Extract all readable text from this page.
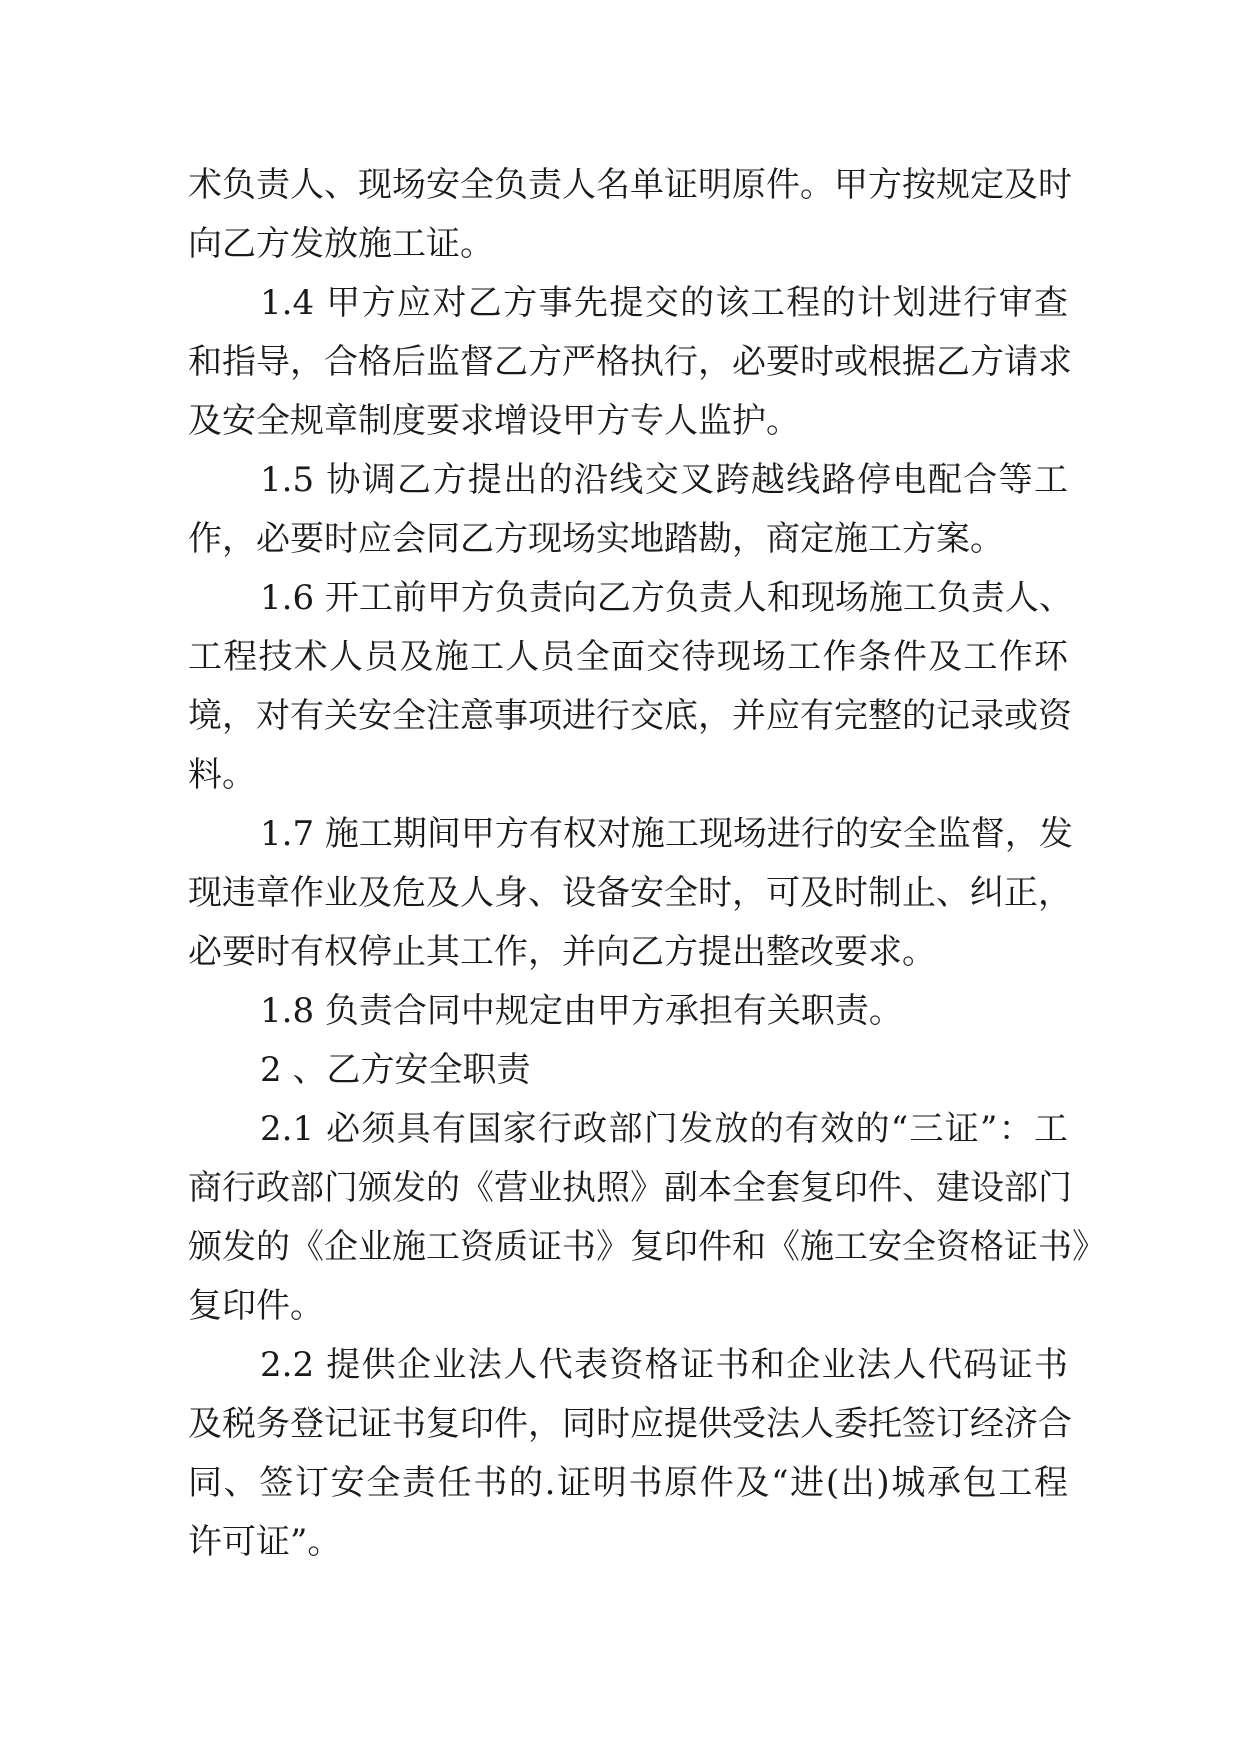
术负责人、现场安全负责人名单证明原件。甲方按规定及时
向乙方发放施工证。
1.4 甲方应对乙方事先提交的该工程的计划进行审查
和指导，合格后监督乙方严格执行，必要时或根据乙方请求
及安全规章制度要求增设甲方专人监护。
1.5 协调乙方提出的沿线交叉跨越线路停电配合等工
作，必要时应会同乙方现场实地踏勘，商定施工方案。
1.6 开工前甲方负责向乙方负责人和现场施工负责人、
工程技术人员及施工人员全面交待现场工作条件及工作环
境，对有关安全注意事项进行交底，并应有完整的记录或资
料。
1.7 施工期间甲方有权对施工现场进行的安全监督，发
现违章作业及危及人身、设备安全时，可及时制止、纠正，
必要时有权停止其工作，并向乙方提出整改要求。
1.8 负责合同中规定由甲方承担有关职责。
2 、乙方安全职责
2.1 必须具有国家行政部门发放的有效的“三证”：工
商行政部门颁发的《营业执照》副本全套复印件、建设部门
颁发的《企业施工资质证书》复印件和《施工安全资格证书》
复印件。
2.2 提供企业法人代表资格证书和企业法人代码证书
及税务登记证书复印件，同时应提供受法人委托签订经济合
同、签订安全责任书的.证明书原件及“进(出)城承包工程
许可证”。
